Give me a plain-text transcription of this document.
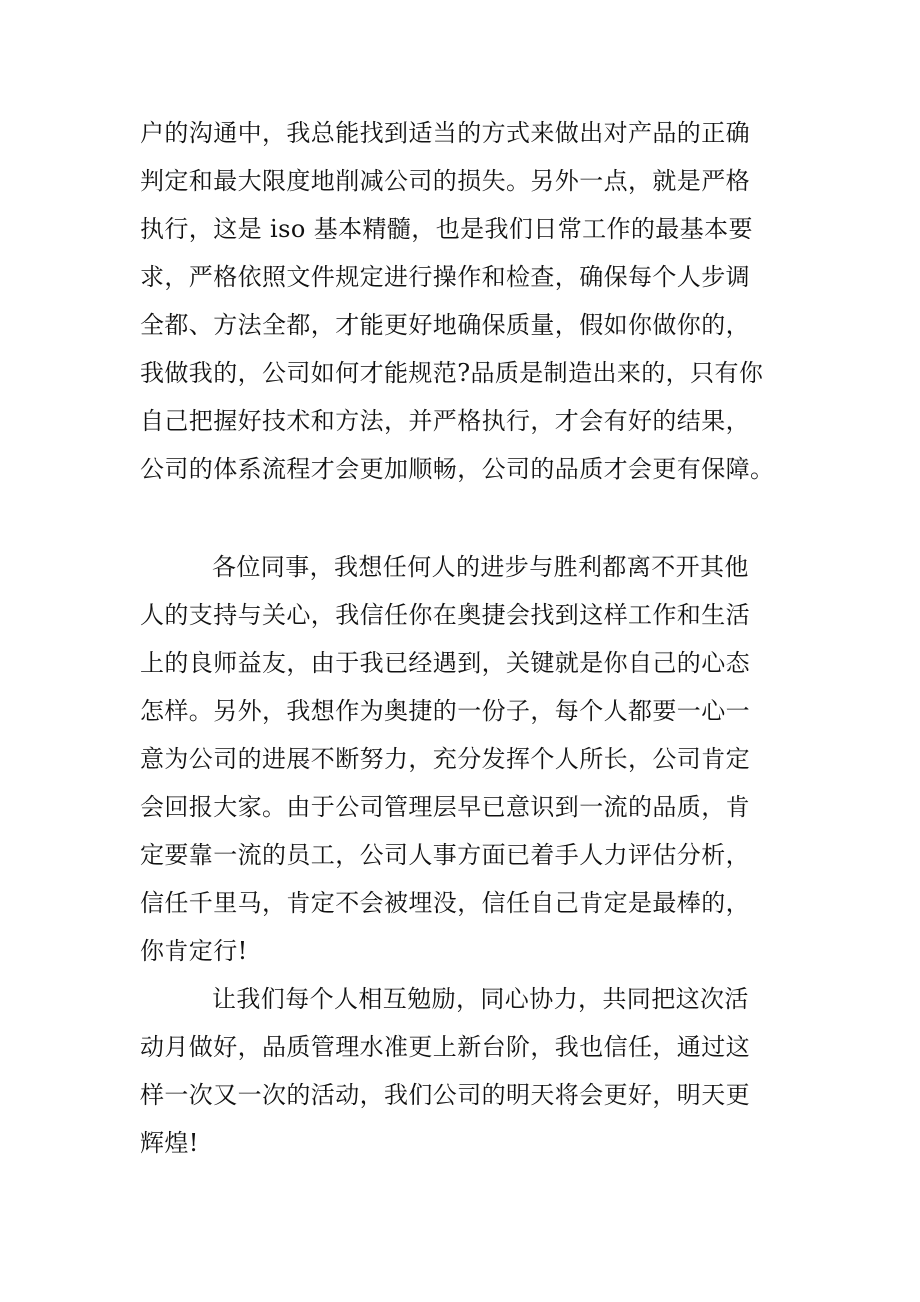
户的沟通中，我总能找到适当的方式来做出对产品的正确
判定和最大限度地削减公司的损失。另外一点，就是严格
执行，这是 iso 基本精髓，也是我们日常工作的最基本要
求，严格依照文件规定进行操作和检查，确保每个人步调
全都、方法全都，才能更好地确保质量，假如你做你的，
我做我的，公司如何才能规范?品质是制造出来的，只有你
自己把握好技术和方法，并严格执行，才会有好的结果，
公司的体系流程才会更加顺畅，公司的品质才会更有保障。
各位同事，我想任何人的进步与胜利都离不开其他
人的支持与关心，我信任你在奥捷会找到这样工作和生活
上的良师益友，由于我已经遇到，关键就是你自己的心态
怎样。另外，我想作为奥捷的一份子，每个人都要一心一
意为公司的进展不断努力，充分发挥个人所长，公司肯定
会回报大家。由于公司管理层早已意识到一流的品质，肯
定要靠一流的员工，公司人事方面已着手人力评估分析，
信任千里马，肯定不会被埋没，信任自己肯定是最棒的，
你肯定行!
让我们每个人相互勉励，同心协力，共同把这次活
动月做好，品质管理水准更上新台阶，我也信任，通过这
样一次又一次的活动，我们公司的明天将会更好，明天更
辉煌!
